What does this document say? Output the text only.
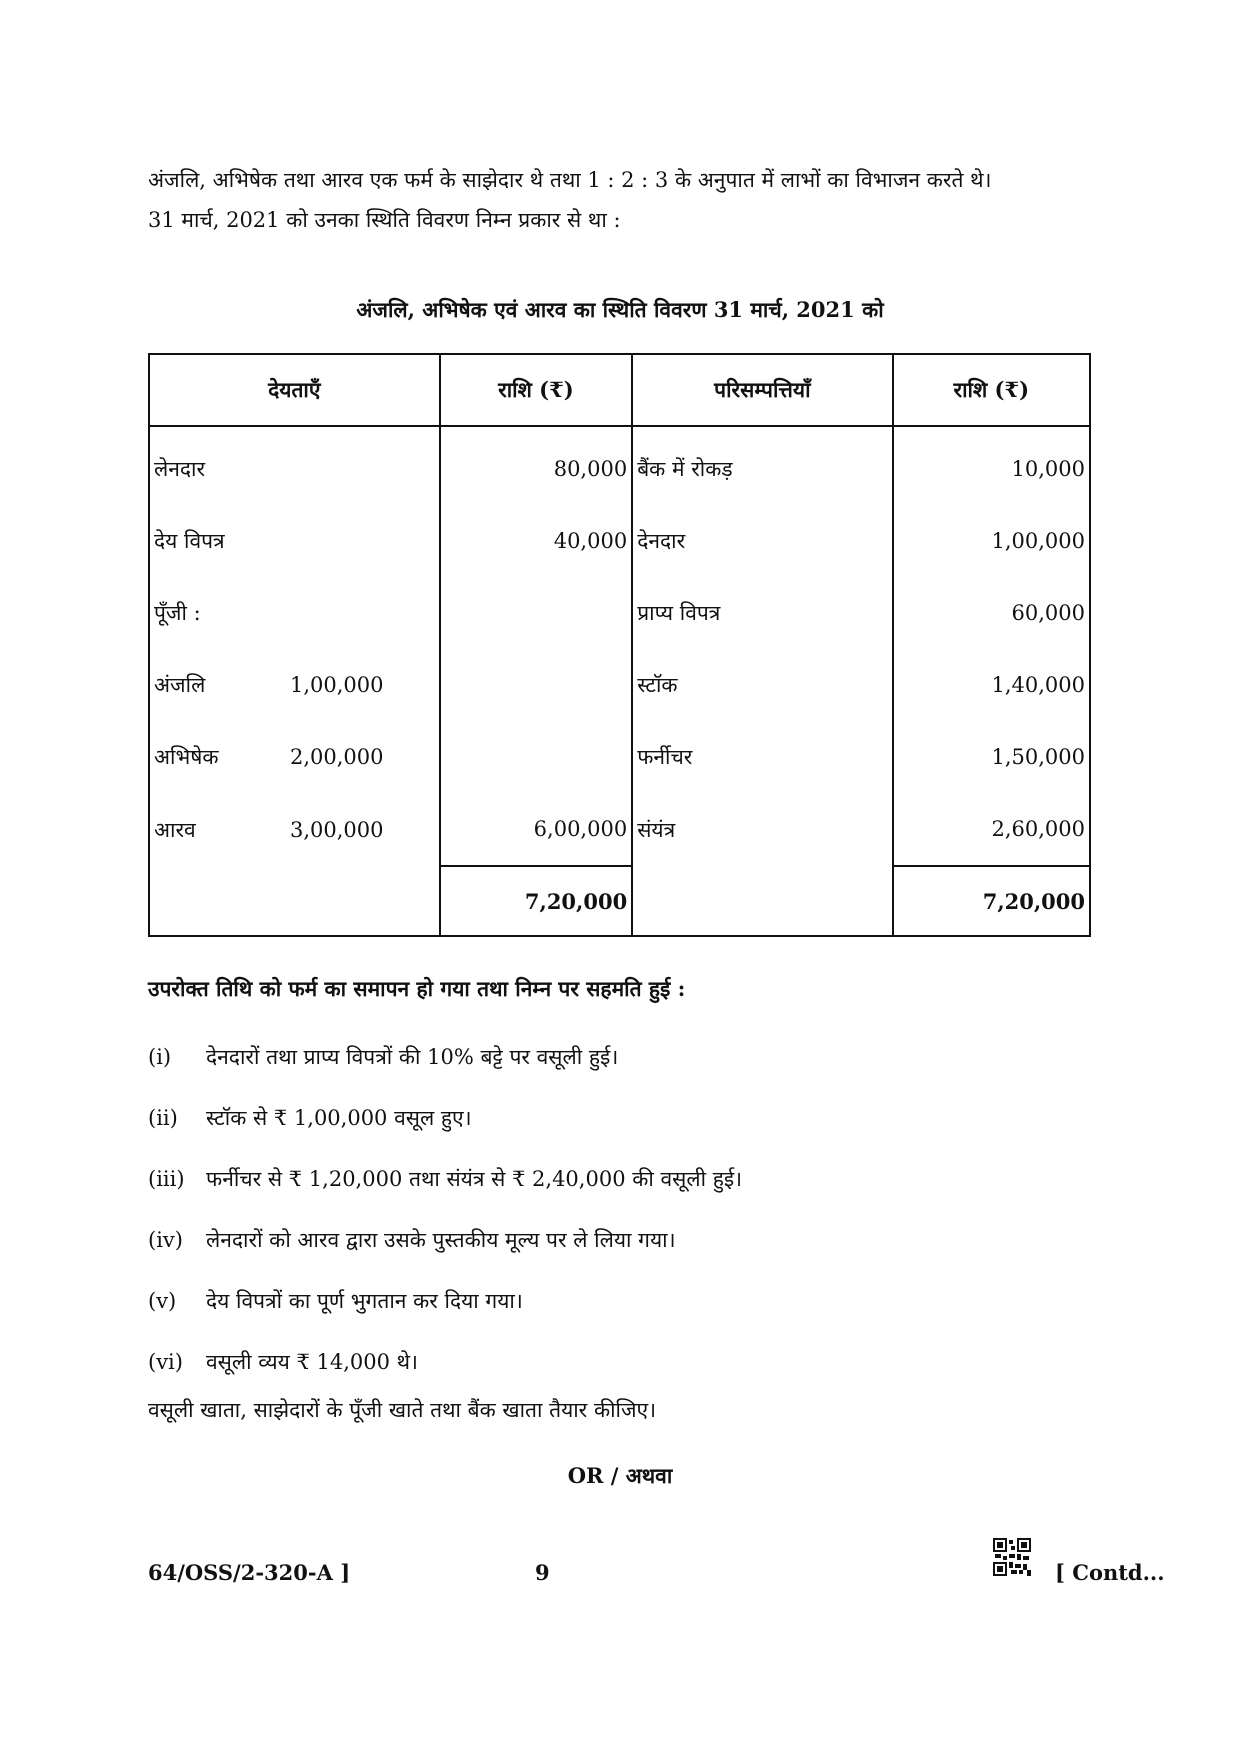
अंजलि, अभिषेक तथा आरव एक फर्म के साझेदार थे तथा 1 : 2 : 3 के अनुपात में लाभों का विभाजन करते थे।
31 मार्च, 2021 को उनका स्थिति विवरण निम्न प्रकार से था :
अंजलि, अभिषेक एवं आरव का स्थिति विवरण 31 मार्च, 2021 को
देयताएँ	राशि (₹)	परिसम्पत्तियाँ	राशि (₹)
लेनदार	80,000	बैंक में रोकड़	10,000
देय विपत्र	40,000	देनदार	1,00,000
पूँजी :		प्राप्य विपत्र	60,000
अंजलि 1,00,000		स्टॉक	1,40,000
अभिषेक 2,00,000		फर्नीचर	1,50,000
आरव 3,00,000	6,00,000	संयंत्र	2,60,000
	7,20,000		7,20,000
उपरोक्त तिथि को फर्म का समापन हो गया तथा निम्न पर सहमति हुई :
(i)	देनदारों तथा प्राप्य विपत्रों की 10% बट्टे पर वसूली हुई।
(ii)	स्टॉक से ₹ 1,00,000 वसूल हुए।
(iii)	फर्नीचर से ₹ 1,20,000 तथा संयंत्र से ₹ 2,40,000 की वसूली हुई।
(iv)	लेनदारों को आरव द्वारा उसके पुस्तकीय मूल्य पर ले लिया गया।
(v)	देय विपत्रों का पूर्ण भुगतान कर दिया गया।
(vi)	वसूली व्यय ₹ 14,000 थे।
वसूली खाता, साझेदारों के पूँजी खाते तथा बैंक खाता तैयार कीजिए।
OR / अथवा
64/OSS/2-320-A ]	9	[ Contd...
